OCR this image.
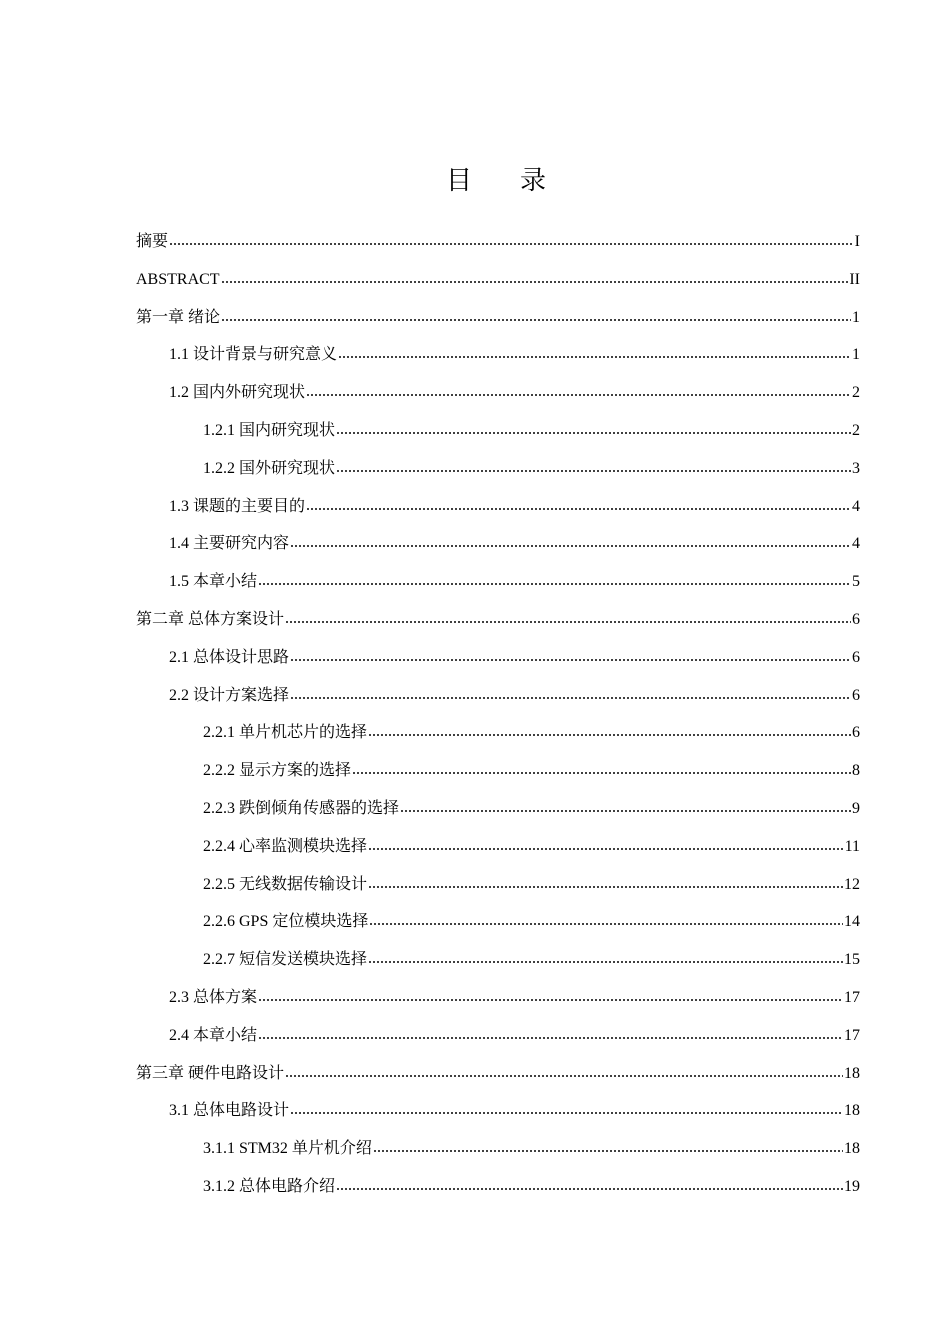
目录
摘要	I
ABSTRACT	II
第一章 绪论	1
1.1 设计背景与研究意义	1
1.2 国内外研究现状	2
1.2.1 国内研究现状	2
1.2.2 国外研究现状	3
1.3 课题的主要目的	4
1.4 主要研究内容	4
1.5 本章小结	5
第二章 总体方案设计	6
2.1 总体设计思路	6
2.2 设计方案选择	6
2.2.1 单片机芯片的选择	6
2.2.2 显示方案的选择	8
2.2.3 跌倒倾角传感器的选择	9
2.2.4 心率监测模块选择	11
2.2.5 无线数据传输设计	12
2.2.6 GPS 定位模块选择	14
2.2.7 短信发送模块选择	15
2.3 总体方案	17
2.4 本章小结	17
第三章 硬件电路设计	18
3.1 总体电路设计	18
3.1.1 STM32 单片机介绍	18
3.1.2 总体电路介绍	19
